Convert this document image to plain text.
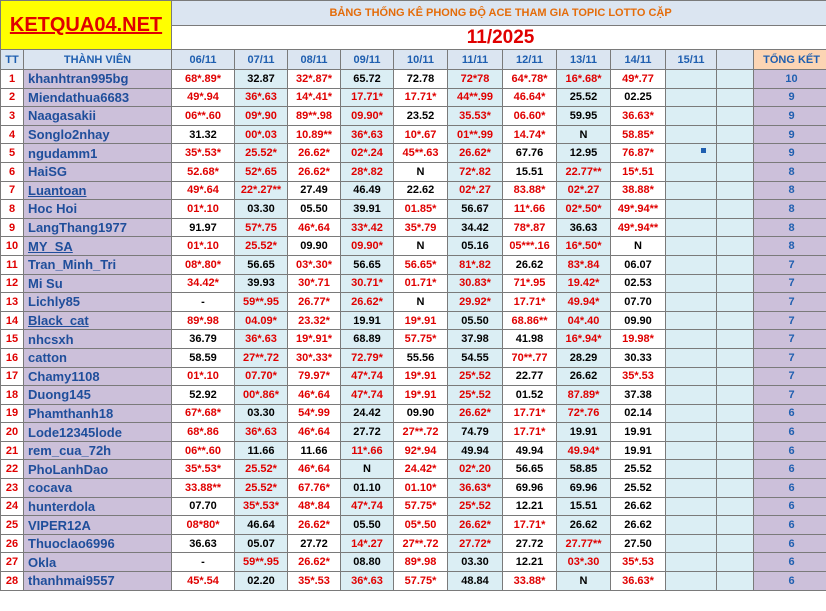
KETQUA04.NET		BẢNG THỐNG KÊ PHONG ĐỘ ACE THAM GIA TOPIC LOTTO CẶP											
		11/2025											
TT	THÀNH VIÊN	06/11	07/11	08/11	09/11	10/11	11/11	12/11	13/11	14/11	15/11		TỔNG KẾT
1	khanhtran995bg	68*.89*	32.87	32*.87*	65.72	72.78	72*78	64*.78*	16*.68*	49*.77			10
2	Miendathua6683	49*.94	36*.63	14*.41*	17.71*	17.71*	44**.99	46.64*	25.52	02.25			9
3	Naagasakii	06**.60	09*.90	89**.98	09.90*	23.52	35.53*	06.60*	59.95	36.63*			9
4	Songlo2nhay	31.32	00*.03	10.89**	36*.63	10*.67	01**.99	14.74*	N	58.85*			9
5	ngudamm1	35*.53*	25.52*	26.62*	02*.24	45**.63	26.62*	67.76	12.95	76.87*			9
6	HaiSG	52.68*	52*.65	26.62*	28*.82	N	72*.82	15.51	22.77**	15*.51			8
7	Luantoan	49*.64	22*.27**	27.49	46.49	22.62	02*.27	83.88*	02*.27	38.88*			8
8	Hoc Hoi	01*.10	03.30	05.50	39.91	01.85*	56.67	11*.66	02*.50*	49*.94**			8
9	LangThang1977	91.97	57*.75	46*.64	33*.42	35*.79	34.42	78*.87	36.63	49*.94**			8
10	MY_SA	01*.10	25.52*	09.90	09.90*	N	05.16	05***.16	16*.50*	N			8
11	Tran_Minh_Tri	08*.80*	56.65	03*.30*	56.65	56.65*	81*.82	26.62	83*.84	06.07			7
12	Mi Su	34.42*	39.93	30*.71	30.71*	01.71*	30.83*	71*.95	19.42*	02.53			7
13	Lichly85	-	59**.95	26.77*	26.62*	N	29.92*	17.71*	49.94*	07.70			7
14	Black_cat	89*.98	04.09*	23.32*	19.91	19*.91	05.50	68.86**	04*.40	09.90			7
15	nhcsxh	36.79	36*.63	19*.91*	68.89	57.75*	37.98	41.98	16*.94*	19.98*			7
16	catton	58.59	27**.72	30*.33*	72.79*	55.56	54.55	70**.77	28.29	30.33			7
17	Chamy1108	01*.10	07.70*	79.97*	47*.74	19*.91	25*.52	22.77	26.62	35*.53			7
18	Duong145	52.92	00*.86*	46*.64	47*.74	19*.91	25*.52	01.52	87.89*	37.38			7
19	Phamthanh18	67*.68*	03.30	54*.99	24.42	09.90	26.62*	17.71*	72*.76	02.14			6
20	Lode12345lode	68*.86	36*.63	46*.64	27.72	27**.72	74.79	17.71*	19.91	19.91			6
21	rem_cua_72h	06**.60	11.66	11.66	11*.66	92*.94	49.94	49.94	49.94*	19.91			6
22	PhoLanhDao	35*.53*	25.52*	46*.64	N	24.42*	02*.20	56.65	58.85	25.52			6
23	cocava	33.88**	25.52*	67.76*	01.10	01.10*	36.63*	69.96	69.96	25.52			6
24	hunterdola	07.70	35*.53*	48*.84	47*.74	57.75*	25*.52	12.21	15.51	26.62			6
25	VIPER12A	08*80*	46.64	26.62*	05.50	05*.50	26.62*	17.71*	26.62	26.62			6
26	Thuoclao6996	36.63	05.07	27.72	14*.27	27**.72	27.72*	27.72	27.77**	27.50			6
27	Okla	-	59**.95	26.62*	08.80	89*.98	03.30	12.21	03*.30	35*.53			6
28	thanhmai9557	45*.54	02.20	35*.53	36*.63	57.75*	48.84	33.88*	N	36.63*			6
